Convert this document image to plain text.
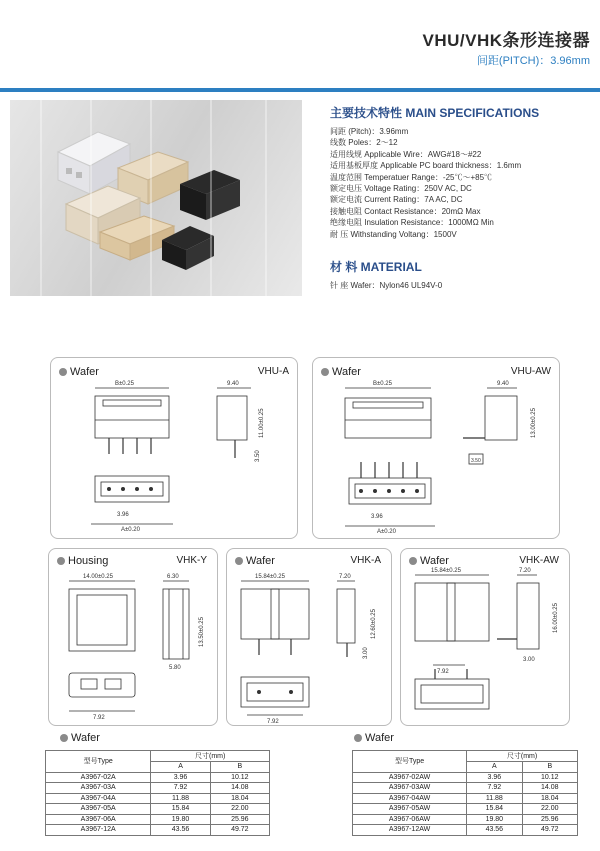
VHU/VHK条形连接器
间距(PITCH)：3.96mm
主要技术特性 MAIN SPECIFICATIONS
间距 (Pitch)：3.96mm
线数 Poles：2～12
适用线规 Applicable Wire：AWG#18～#22
适用基板厚度 Applicable PC board thickness：1.6mm
温度范围 Temperatuer Range：-25℃～+85℃
额定电压 Voltage Rating：250V AC, DC
额定电流 Current Rating：7A AC, DC
接触电阻 Contact Resistance：20mΩ Max
绝缘电阻 Insulation Resistance：1000MΩ Min
耐 压 Withstanding Voltang：1500V
材 料 MATERIAL
针 座 Wafer：Nylon46 UL94V-0
Wafer	VHU-A
B±0.25	9.40
11.00±0.25
3.50
3.96
A±0.20
Wafer	VHU-AW
B±0.25	9.40
13.00±0.25
3.50
3.96
A±0.20
Housing	VHK-Y
14.00±0.25	6.30
13.50±0.25
5.80
7.92
Wafer	VHK-A
15.84±0.25	7.20
12.60±0.25
3.00
7.92
Wafer	VHK-AW
15.84±0.25	7.20
16.00±0.25
3.00
7.92
Wafer
型号Type	尺寸(mm)	
	A	B
A3967-02A	3.96	10.12
A3967-03A	7.92	14.08
A3967-04A	11.88	18.04
A3967-05A	15.84	22.00
A3967-06A	19.80	25.96
A3967-12A	43.56	49.72
Wafer
型号Type	尺寸(mm)	
	A	B
A3967-02AW	3.96	10.12
A3967-03AW	7.92	14.08
A3967-04AW	11.88	18.04
A3967-05AW	15.84	22.00
A3967-06AW	19.80	25.96
A3967-12AW	43.56	49.72
